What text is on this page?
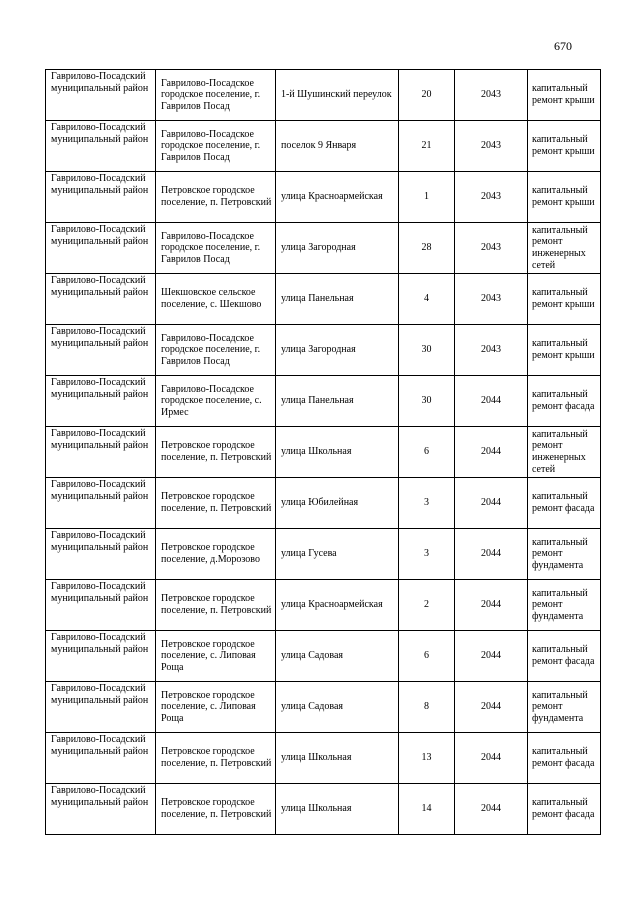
670
Гаврилово-Посадский муниципальный район	Гаврилово-Посадское городское поселение, г. Гаврилов Посад	1-й Шушинский переулок	20	2043	капитальный ремонт крыши
Гаврилово-Посадский муниципальный район	Гаврилово-Посадское городское поселение, г. Гаврилов Посад	поселок 9 Января	21	2043	капитальный ремонт крыши
Гаврилово-Посадский муниципальный район	Петровское городское поселение, п. Петровский	улица Красноармейская	1	2043	капитальный ремонт крыши
Гаврилово-Посадский муниципальный район	Гаврилово-Посадское городское поселение, г. Гаврилов Посад	улица Загородная	28	2043	капитальный ремонт инженерных сетей
Гаврилово-Посадский муниципальный район	Шекшовское сельское поселение, с. Шекшово	улица Панельная	4	2043	капитальный ремонт крыши
Гаврилово-Посадский муниципальный район	Гаврилово-Посадское городское поселение, г. Гаврилов Посад	улица Загородная	30	2043	капитальный ремонт крыши
Гаврилово-Посадский муниципальный район	Гаврилово-Посадское городское поселение, с. Ирмес	улица Панельная	30	2044	капитальный ремонт фасада
Гаврилово-Посадский муниципальный район	Петровское городское поселение, п. Петровский	улица Школьная	6	2044	капитальный ремонт инженерных сетей
Гаврилово-Посадский муниципальный район	Петровское городское поселение, п. Петровский	улица Юбилейная	3	2044	капитальный ремонт фасада
Гаврилово-Посадский муниципальный район	Петровское городское поселение, д.Морозово	улица Гусева	3	2044	капитальный ремонт фундамента
Гаврилово-Посадский муниципальный район	Петровское городское поселение, п. Петровский	улица Красноармейская	2	2044	капитальный ремонт фундамента
Гаврилово-Посадский муниципальный район	Петровское городское поселение, с. Липовая Роща	улица Садовая	6	2044	капитальный ремонт фасада
Гаврилово-Посадский муниципальный район	Петровское городское поселение, с. Липовая Роща	улица Садовая	8	2044	капитальный ремонт фундамента
Гаврилово-Посадский муниципальный район	Петровское городское поселение, п. Петровский	улица Школьная	13	2044	капитальный ремонт фасада
Гаврилово-Посадский муниципальный район	Петровское городское поселение, п. Петровский	улица Школьная	14	2044	капитальный ремонт фасада
